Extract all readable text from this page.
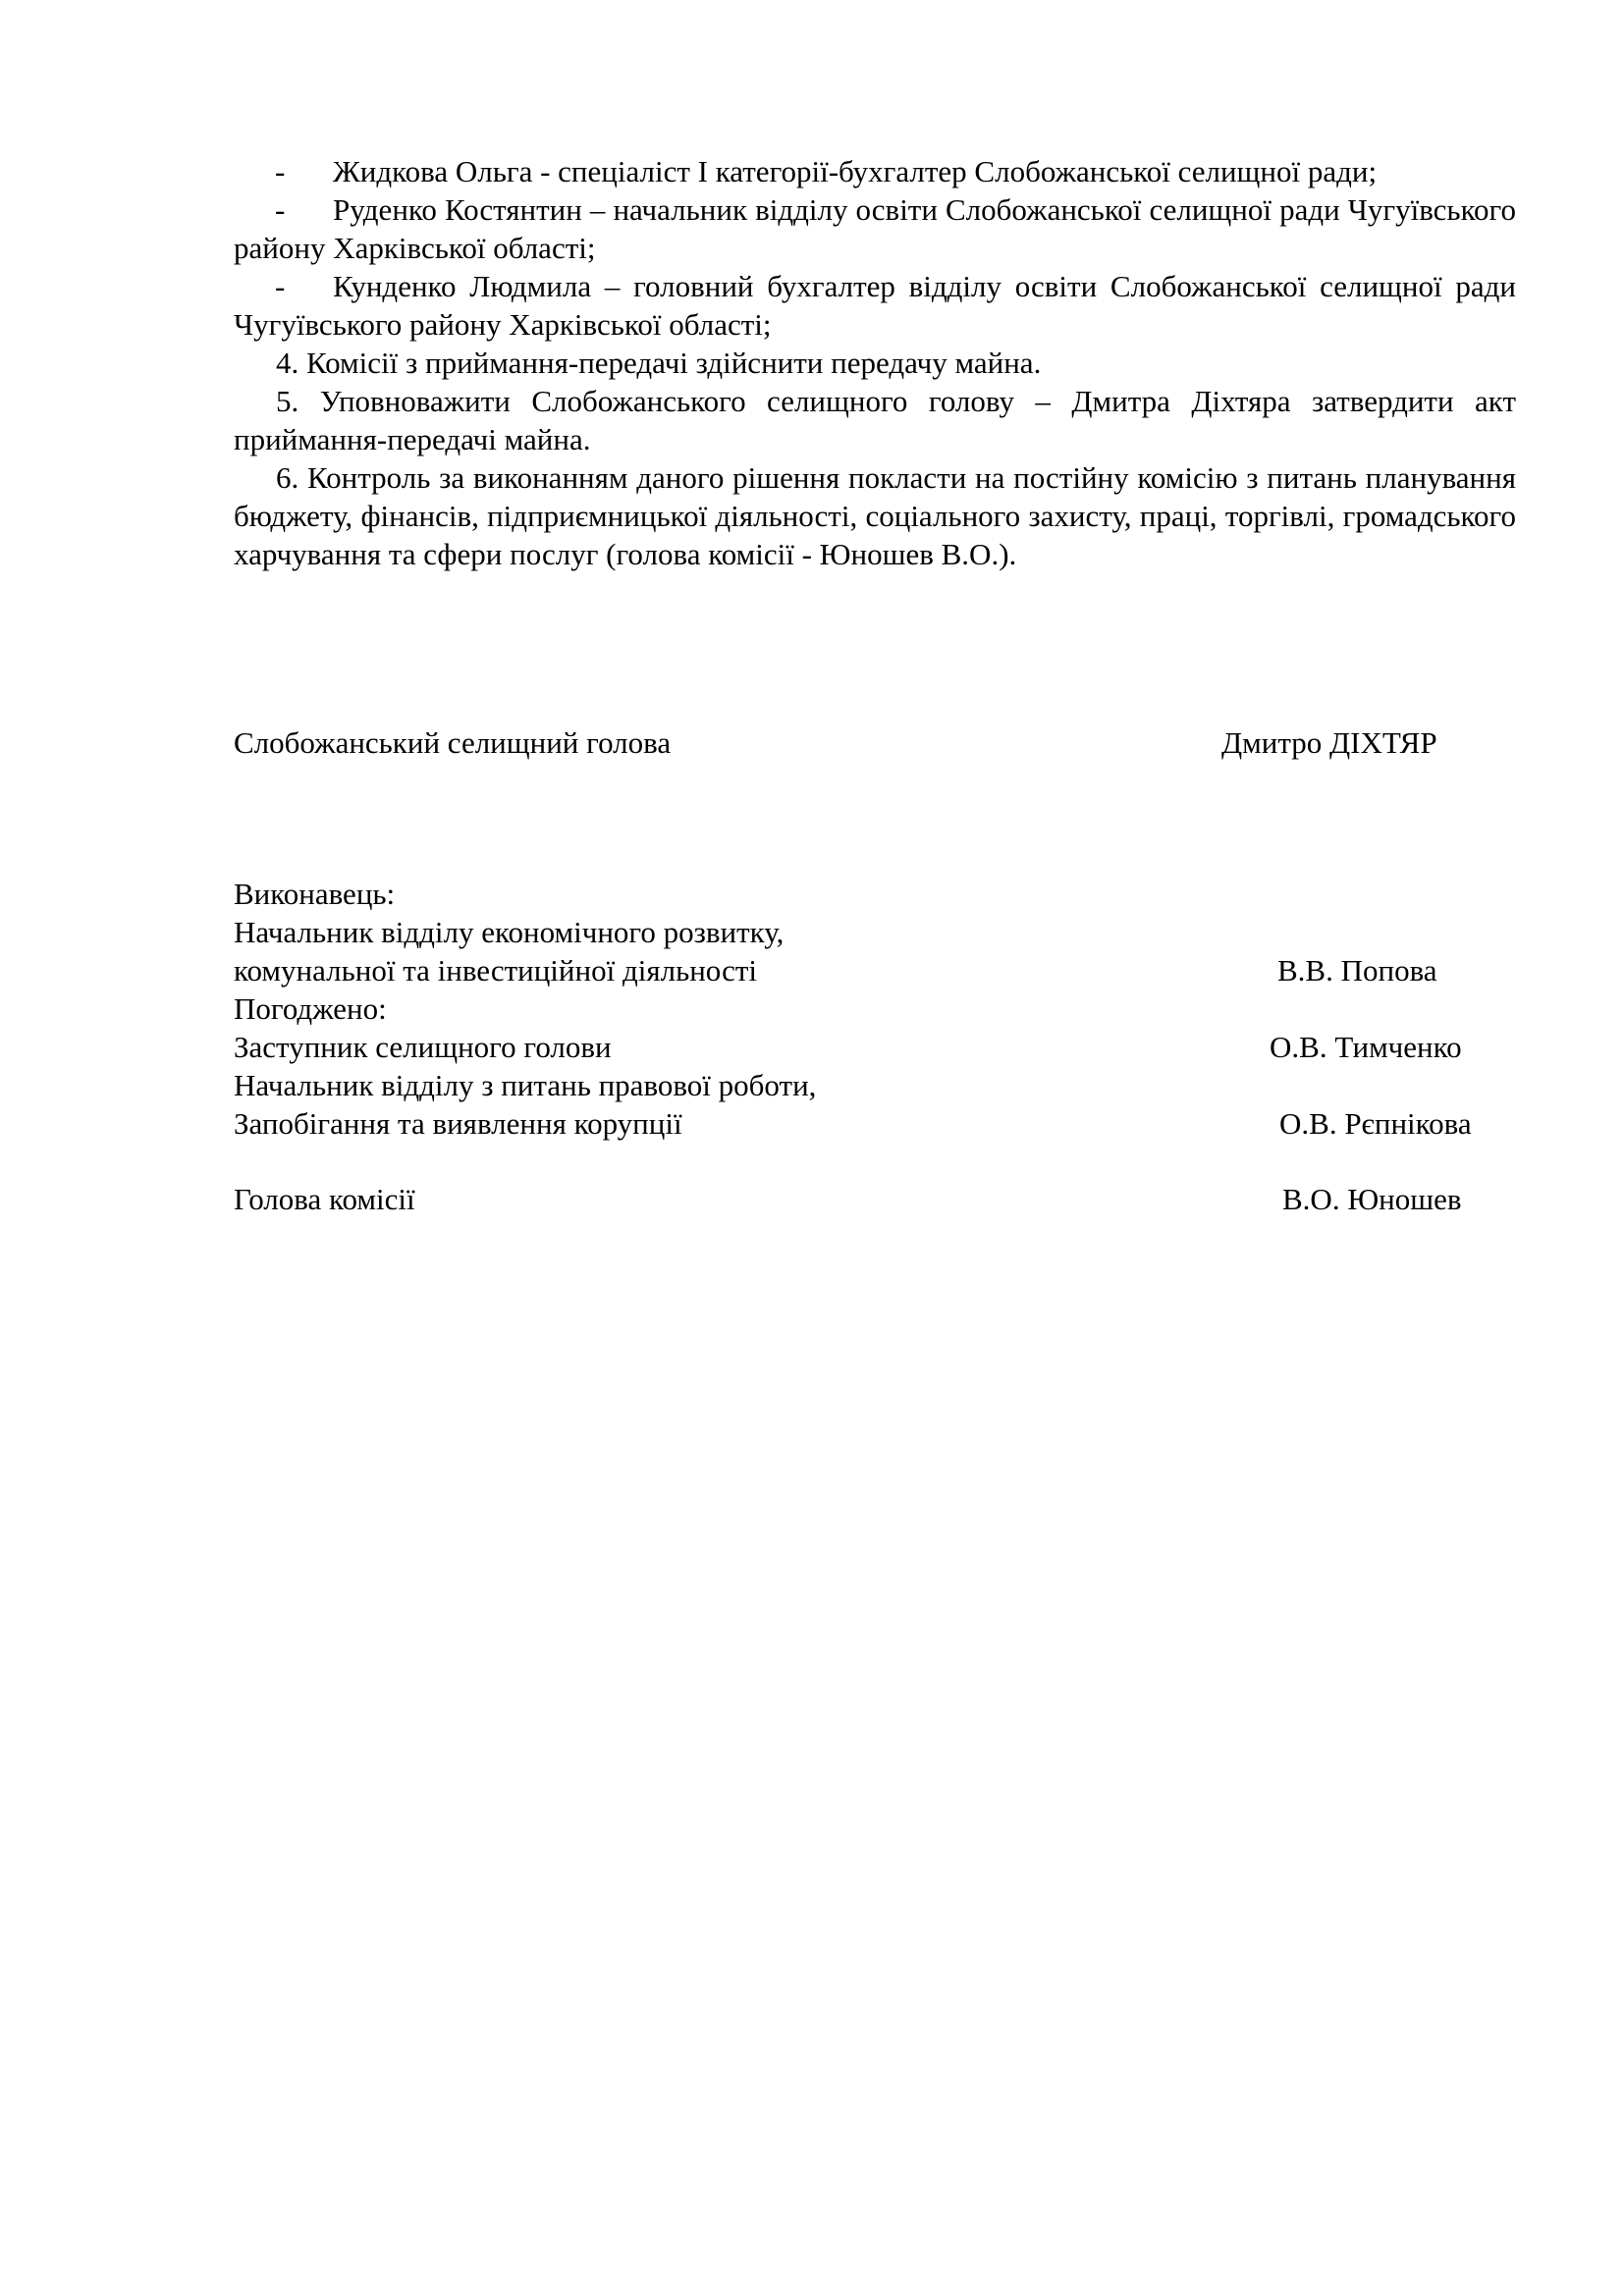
- Жидкова Ольга - спеціаліст І категорії-бухгалтер Слобожанської селищної ради;

- Руденко Костянтин – начальник відділу освіти Слобожанської селищної ради Чугуївського району Харківської області;

- Кунденко Людмила – головний бухгалтер відділу освіти Слобожанської селищної ради Чугуївського району Харківської області;

4. Комісії з приймання-передачі здійснити передачу майна.

5. Уповноважити Слобожанського селищного голову – Дмитра Діхтяра затвердити акт приймання-передачі майна.

6. Контроль за виконанням даного рішення покласти на постійну комісію з питань планування бюджету, фінансів, підприємницької діяльності, соціального захисту, праці, торгівлі, громадського харчування та сфери послуг (голова комісії - Юношев В.О.).

Слобожанський селищний голова	Дмитро ДІХТЯР
Виконавець:
Начальник відділу економічного розвитку,
комунальної та інвестиційної діяльності	В.В. Попова
Погоджено:
Заступник селищного голови	О.В. Тимченко
Начальник відділу з питань правової роботи,
Запобігання та виявлення корупції	О.В. Рєпнікова
Голова комісії	В.О. Юношев
